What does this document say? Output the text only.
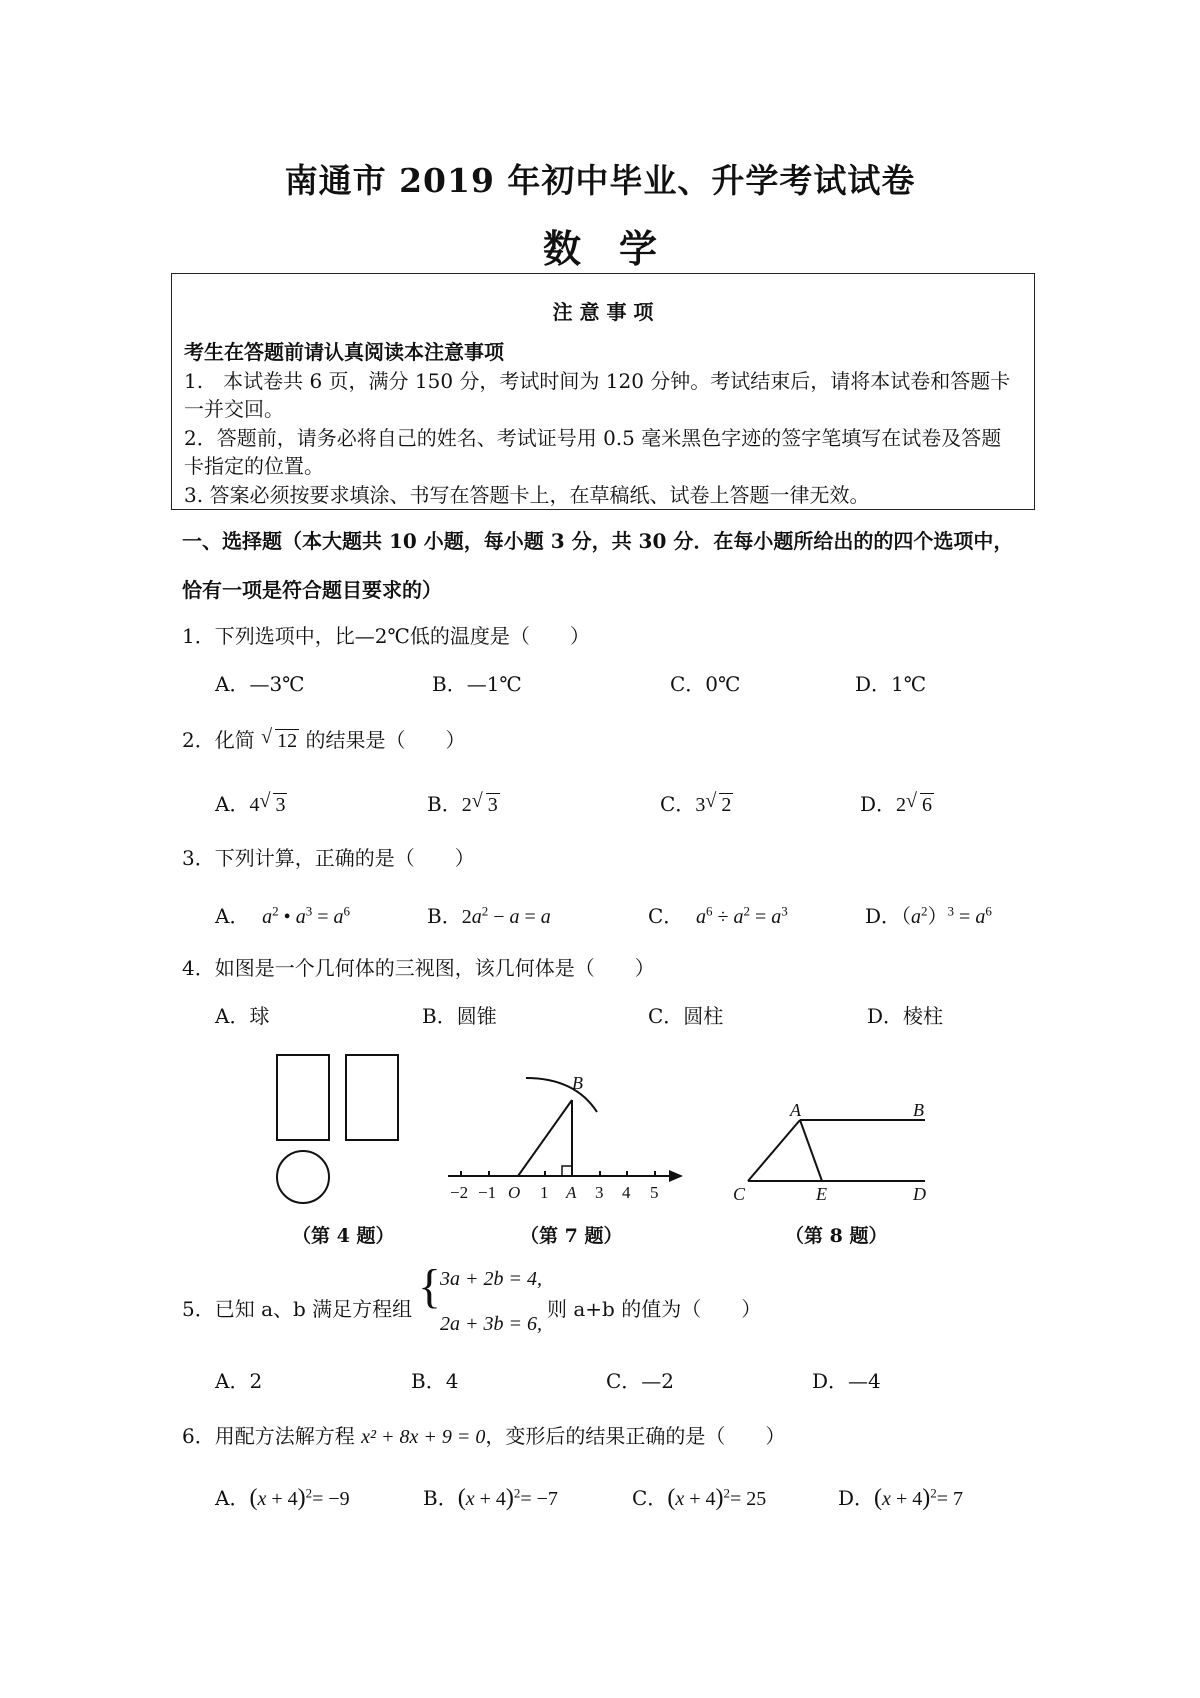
南通市 2019 年初中毕业、升学考试试卷
数　学
注 意 事 项
考生在答题前请认真阅读本注意事项
1.　本试卷共 6 页，满分 150 分，考试时间为 120 分钟。考试结束后，请将本试卷和答题卡一并交回。
2．答题前，请务必将自己的姓名、考试证号用 0.5 毫米黑色字迹的签字笔填写在试卷及答题卡指定的位置。
3. 答案必须按要求填涂、书写在答题卡上，在草稿纸、试卷上答题一律无效。
一、选择题（本大题共 10 小题，每小题 3 分，共 30 分．在每小题所给出的的四个选项中，
恰有一项是符合题目要求的）
1．下列选项中，比—2℃低的温度是（　　）
A．—3℃	B．—1℃	C．0℃	D．1℃
2．化简 √ 12 的结果是（　　）
A．4 √ 3	B．2 √ 3	C．3 √ 2	D．2 √ 6
3．下列计算，正确的是（　　）
A． $a^2$ • $a^3 = a^6$	B．$2a^2 - a = a$	C． $a^6 \div a^2 = a^3$	D．$(a^2)^3 = a^6$
4．如图是一个几何体的三视图，该几何体是（　　）
A．球	B．圆锥	C．圆柱	D．棱柱
B
−2 −1 O 1 A 3 4 5
A	B
C	E	D
（第 4 题）	（第 7 题）	（第 8 题）
5．已知 a、b 满足方程组 {
3a + 2b = 4,
2a + 3b = 6,
则 a+b 的值为（　　）
A．2	B．4	C．—2	D．—4
6．用配方法解方程 x² + 8x + 9 = 0，变形后的结果正确的是（　　）
A．$(x + 4)^2= -9$	B．$(x + 4)^2= -7$	C．$(x + 4)^2= 25$	D．$(x + 4)^2= 7$
